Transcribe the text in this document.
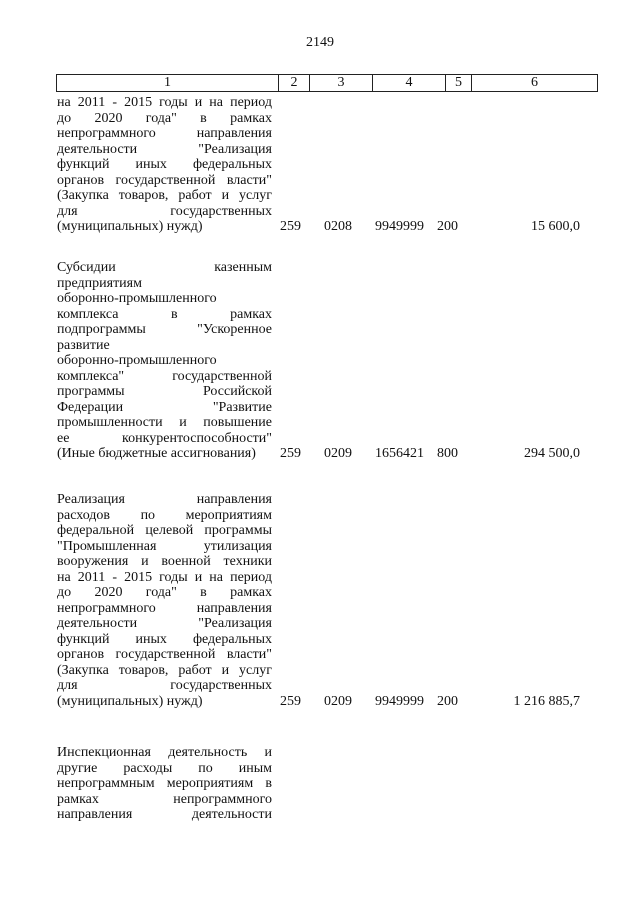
2149
1	2	3	4	5	6
на 2011 - 2015 годы и на период
до 2020 года" в рамках
непрограммного направления
деятельности "Реализация
функций иных федеральных
органов государственной власти"
(Закупка товаров, работ и услуг
для государственных
(муниципальных) нужд)	259 0208 9949999 200	15 600,0
Субсидии казенным
предприятиям
оборонно-промышленного
комплекса в рамках
подпрограммы "Ускоренное
развитие
оборонно-промышленного
комплекса" государственной
программы Российской
Федерации "Развитие
промышленности и повышение
ее конкурентоспособности"
(Иные бюджетные ассигнования)	259 0209 1656421 800	294 500,0
Реализация направления
расходов по мероприятиям
федеральной целевой программы
"Промышленная утилизация
вооружения и военной техники
на 2011 - 2015 годы и на период
до 2020 года" в рамках
непрограммного направления
деятельности "Реализация
функций иных федеральных
органов государственной власти"
(Закупка товаров, работ и услуг
для государственных
(муниципальных) нужд)	259 0209 9949999 200	1 216 885,7
Инспекционная деятельность и
другие расходы по иным
непрограммным мероприятиям в
рамках непрограммного
направления деятельности
